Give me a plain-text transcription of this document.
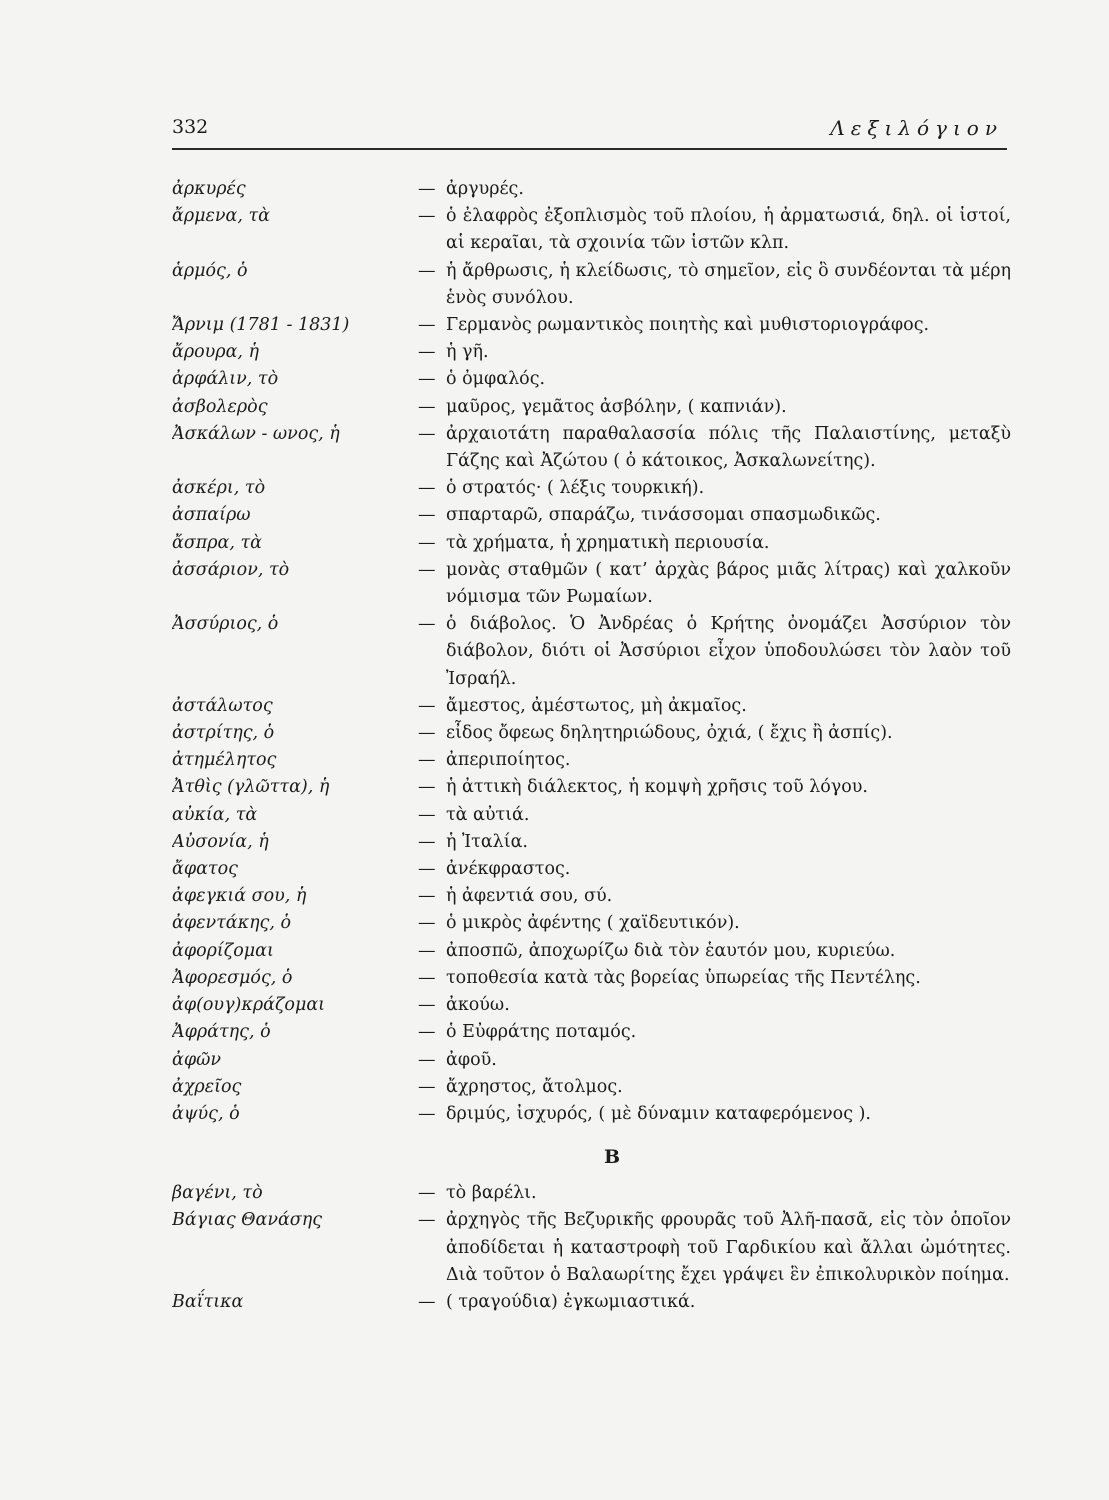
332	Λεξιλόγιον
ἀρκυρές	— ἀργυρές.
ἄρμενα, τὰ	— ὁ ἐλαφρὸς ἐξοπλισμὸς τοῦ πλοίου, ἡ ἀρματωσιά, δηλ. οἱ ἱστοί, αἱ κεραῖαι, τὰ σχοινία τῶν ἱστῶν κλπ.
ἁρμός, ὁ	— ἡ ἄρθρωσις, ἡ κλείδωσις, τὸ σημεῖον, εἰς ὃ συνδέονται τὰ μέρη ἑνὸς συνόλου.
Ἄρνιμ (1781 - 1831)	— Γερμανὸς ρωμαντικὸς ποιητὴς καὶ μυθιστοριογράφος.
ἄρουρα, ἡ	— ἡ γῆ.
ἀρφάλιν, τὸ	— ὁ ὀμφαλός.
ἀσβολερὸς	— μαῦρος, γεμᾶτος ἀσβόλην, ( καπνιάν).
Ἀσκάλων - ωνος, ἡ	— ἀρχαιοτάτη παραθαλασσία πόλις τῆς Παλαιστίνης, μεταξὺ Γάζης καὶ Ἀζώτου ( ὁ κάτοικος, Ἀσκαλωνείτης).
ἀσκέρι, τὸ	— ὁ στρατός· ( λέξις τουρκική).
ἀσπαίρω	— σπαρταρῶ, σπαράζω, τινάσσομαι σπασμωδικῶς.
ἄσπρα, τὰ	— τὰ χρήματα, ἡ χρηματικὴ περιουσία.
ἀσσάριον, τὸ	— μονὰς σταθμῶν ( κατ’ ἀρχὰς βάρος μιᾶς λίτρας) καὶ χαλκοῦν νόμισμα τῶν Ρωμαίων.
Ἀσσύριος, ὁ	— ὁ διάβολος. Ὁ Ἀνδρέας ὁ Κρήτης ὀνομάζει Ἀσσύριον τὸν διάβολον, διότι οἱ Ἀσσύριοι εἶχον ὑποδουλώσει τὸν λαὸν τοῦ Ἰσραήλ.
ἀστάλωτος	— ἄμεστος, ἀμέστωτος, μὴ ἀκμαῖος.
ἀστρίτης, ὁ	— εἶδος ὄφεως δηλητηριώδους, ὀχιά, ( ἔχις ἢ ἀσπίς).
ἀτημέλητος	— ἀπεριποίητος.
Ἀτθὶς (γλῶττα), ἡ	— ἡ ἀττικὴ διάλεκτος, ἡ κομψὴ χρῆσις τοῦ λόγου.
αὐκία, τὰ	— τὰ αὐτιά.
Αὐσονία, ἡ	— ἡ Ἰταλία.
ἄφατος	— ἀνέκφραστος.
ἀφεγκιά σου, ἡ	— ἡ ἀφεντιά σου, σύ.
ἀφεντάκης, ὁ	— ὁ μικρὸς ἀφέντης ( χαϊδευτικόν).
ἀφορίζομαι	— ἀποσπῶ, ἀποχωρίζω διὰ τὸν ἑαυτόν μου, κυριεύω.
Ἀφορεσμός, ὁ	— τοποθεσία κατὰ τὰς βορείας ὑπωρείας τῆς Πεντέλης.
ἀφ(ουγ)κράζομαι	— ἀκούω.
Ἀφράτης, ὁ	— ὁ Εὐφράτης ποταμός.
ἀφῶν	— ἀφοῦ.
ἀχρεῖος	— ἄχρηστος, ἄτολμος.
ἀψύς, ὁ	— δριμύς, ἰσχυρός, ( μὲ δύναμιν καταφερόμενος ).
Β
βαγένι, τὸ	— τὸ βαρέλι.
Βάγιας Θανάσης	— ἀρχηγὸς τῆς Βεζυρικῆς φρουρᾶς τοῦ Ἀλῆ-πασᾶ, εἰς τὸν ὁποῖον ἀποδίδεται ἡ καταστροφὴ τοῦ Γαρδικίου καὶ ἄλλαι ὠμότητες. Διὰ τοῦτον ὁ Βαλαωρίτης ἔχει γράψει ἓν ἐπικολυρικὸν ποίημα.
Βαΐτικα	— ( τραγούδια) ἐγκωμιαστικά.
